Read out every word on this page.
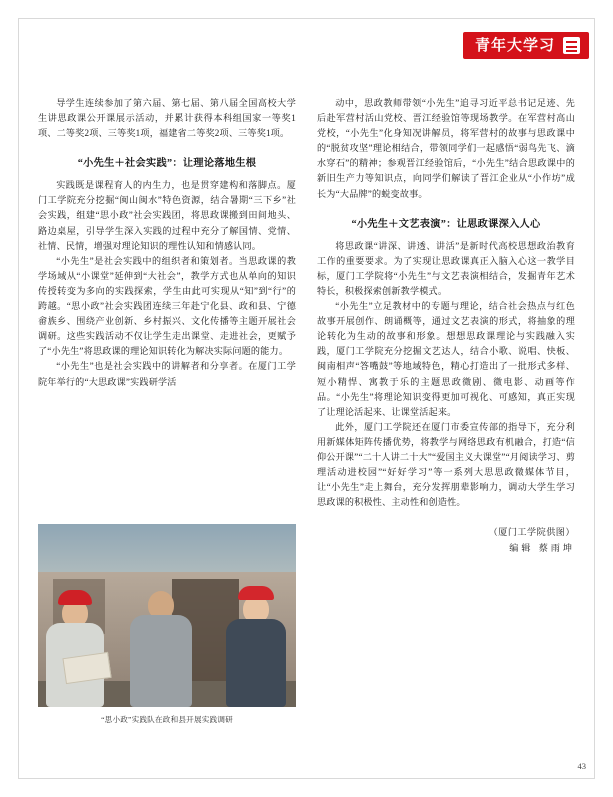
青年大学习

导学生连续参加了第六届、第七届、第八届全国高校大学生讲思政课公开课展示活动，并累计获得本科组国家一等奖1项、二等奖2项、三等奖1项，福建省二等奖2项、三等奖1项。

“小先生＋社会实践”：让理论落地生根

实践既是课程育人的内生力，也是贯穿建构和落脚点。厦门工学院充分挖掘“闽山闽水”特色资源，结合暑期“三下乡”社会实践，组建“思小政”社会实践团，将思政课搬到田间地头、路边桌屋，引导学生深入实践的过程中充分了解国情、党情、社情、民情，增强对理论知识的理性认知和情感认同。

“小先生”是社会实践中的组织者和策划者。当思政课的教学场域从“小课堂”延伸到“大社会”，教学方式也从单向的知识传授转变为多向的实践探索，学生由此可实现从“知”到“行”的跨越。“思小政”社会实践团连续三年赴宁化县、政和县、宁德畲族乡、围绕产业创新、乡村振兴、文化传播等主题开展社会调研。这些实践活动不仅让学生走出课堂、走进社会，更赋予了“小先生”将思政课的理论知识转化为解决实际问题的能力。

“小先生”也是社会实践中的讲解者和分享者。在厦门工学院年举行的“大思政课”实践研学活

“思小政”实践队在政和县开展实践调研

动中，思政教师带领“小先生”追寻习近平总书记足迹、先后赴军营村活山党校、晋江经验馆等现场教学。在军营村高山党校，“小先生”化身知况讲解员，将军营村的故事与思政课中的“脱贫攻坚”理论相结合，带领同学们一起感悟“弱鸟先飞、滴水穿石”的精神；参观晋江经验馆后，“小先生”结合思政课中的新旧生产力等知识点，向同学们解读了晋江企业从“小作坊”成长为“大品牌”的蜕变故事。

“小先生＋文艺表演”：让思政课深入人心

将思政课“讲深、讲透、讲活”是新时代高校思想政治教育工作的重要要求。为了实现让思政课真正入脑入心这一教学目标，厦门工学院将“小先生”与文艺表演相结合，发掘青年艺术特长，积极探索创新教学模式。

“小先生”立足教材中的专题与理论，结合社会热点与红色故事开展创作、朗诵概等，通过文艺表演的形式，将抽象的理论转化为生动的故事和形象。想想思政课理论与实践融入实践，厦门工学院充分挖掘文艺达人，结合小歌、说唱、快板、闽南相声“答嘴鼓”等地域特色，精心打造出了一批形式多样、短小精悍、寓教于乐的主题思政微剧、微电影、动画等作品。“小先生”将理论知识变得更加可视化、可感知，真正实现了让理论活起来、让课堂活起来。

此外，厦门工学院还在厦门市委宣传部的指导下，充分利用新媒体矩阵传播优势，将教学与网络思政有机融合，打造“信仰公开课”“二十人讲二十大”“爱国主义大课堂”“月阅读学习、剪理活动进校园”“好好学习”等一系列大思思政微媒体节目，让“小先生”走上舞台，充分发挥朋辈影响力，调动大学生学习思政课的积极性、主动性和创造性。

（厦门工学院供图）
编辑 蔡雨坤
43
